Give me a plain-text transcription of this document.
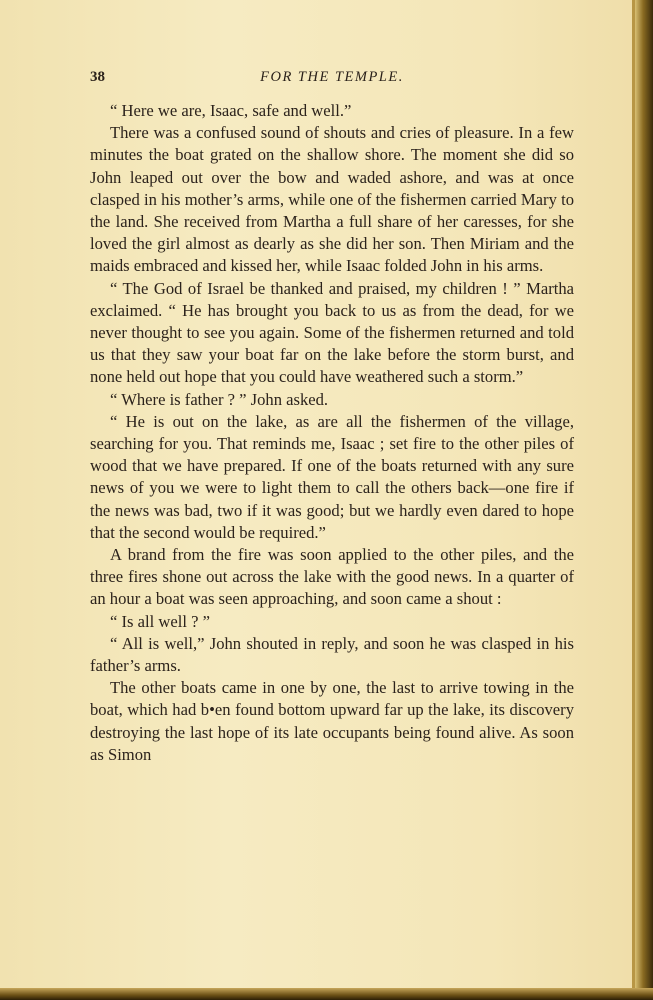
38	FOR THE TEMPLE.

“ Here we are, Isaac, safe and well.”

There was a confused sound of shouts and cries of pleasure. In a few minutes the boat grated on the shallow shore. The moment she did so John leaped out over the bow and waded ashore, and was at once clasped in his mother’s arms, while one of the fishermen carried Mary to the land. She received from Martha a full share of her caresses, for she loved the girl almost as dearly as she did her son. Then Miriam and the maids embraced and kissed her, while Isaac folded John in his arms.

“ The God of Israel be thanked and praised, my children ! ” Martha exclaimed. “ He has brought you back to us as from the dead, for we never thought to see you again. Some of the fishermen returned and told us that they saw your boat far on the lake before the storm burst, and none held out hope that you could have weathered such a storm.”

“ Where is father ? ” John asked.

“ He is out on the lake, as are all the fishermen of the village, searching for you. That reminds me, Isaac ; set fire to the other piles of wood that we have prepared. If one of the boats returned with any sure news of you we were to light them to call the others back—one fire if the news was bad, two if it was good; but we hardly even dared to hope that the second would be required.”

A brand from the fire was soon applied to the other piles, and the three fires shone out across the lake with the good news. In a quarter of an hour a boat was seen approaching, and soon came a shout :

“ Is all well ? ”

“ All is well,” John shouted in reply, and soon he was clasped in his father’s arms.

The other boats came in one by one, the last to arrive towing in the boat, which had b•en found bottom upward far up the lake, its discovery destroying the last hope of its late occupants being found alive. As soon as Simon
